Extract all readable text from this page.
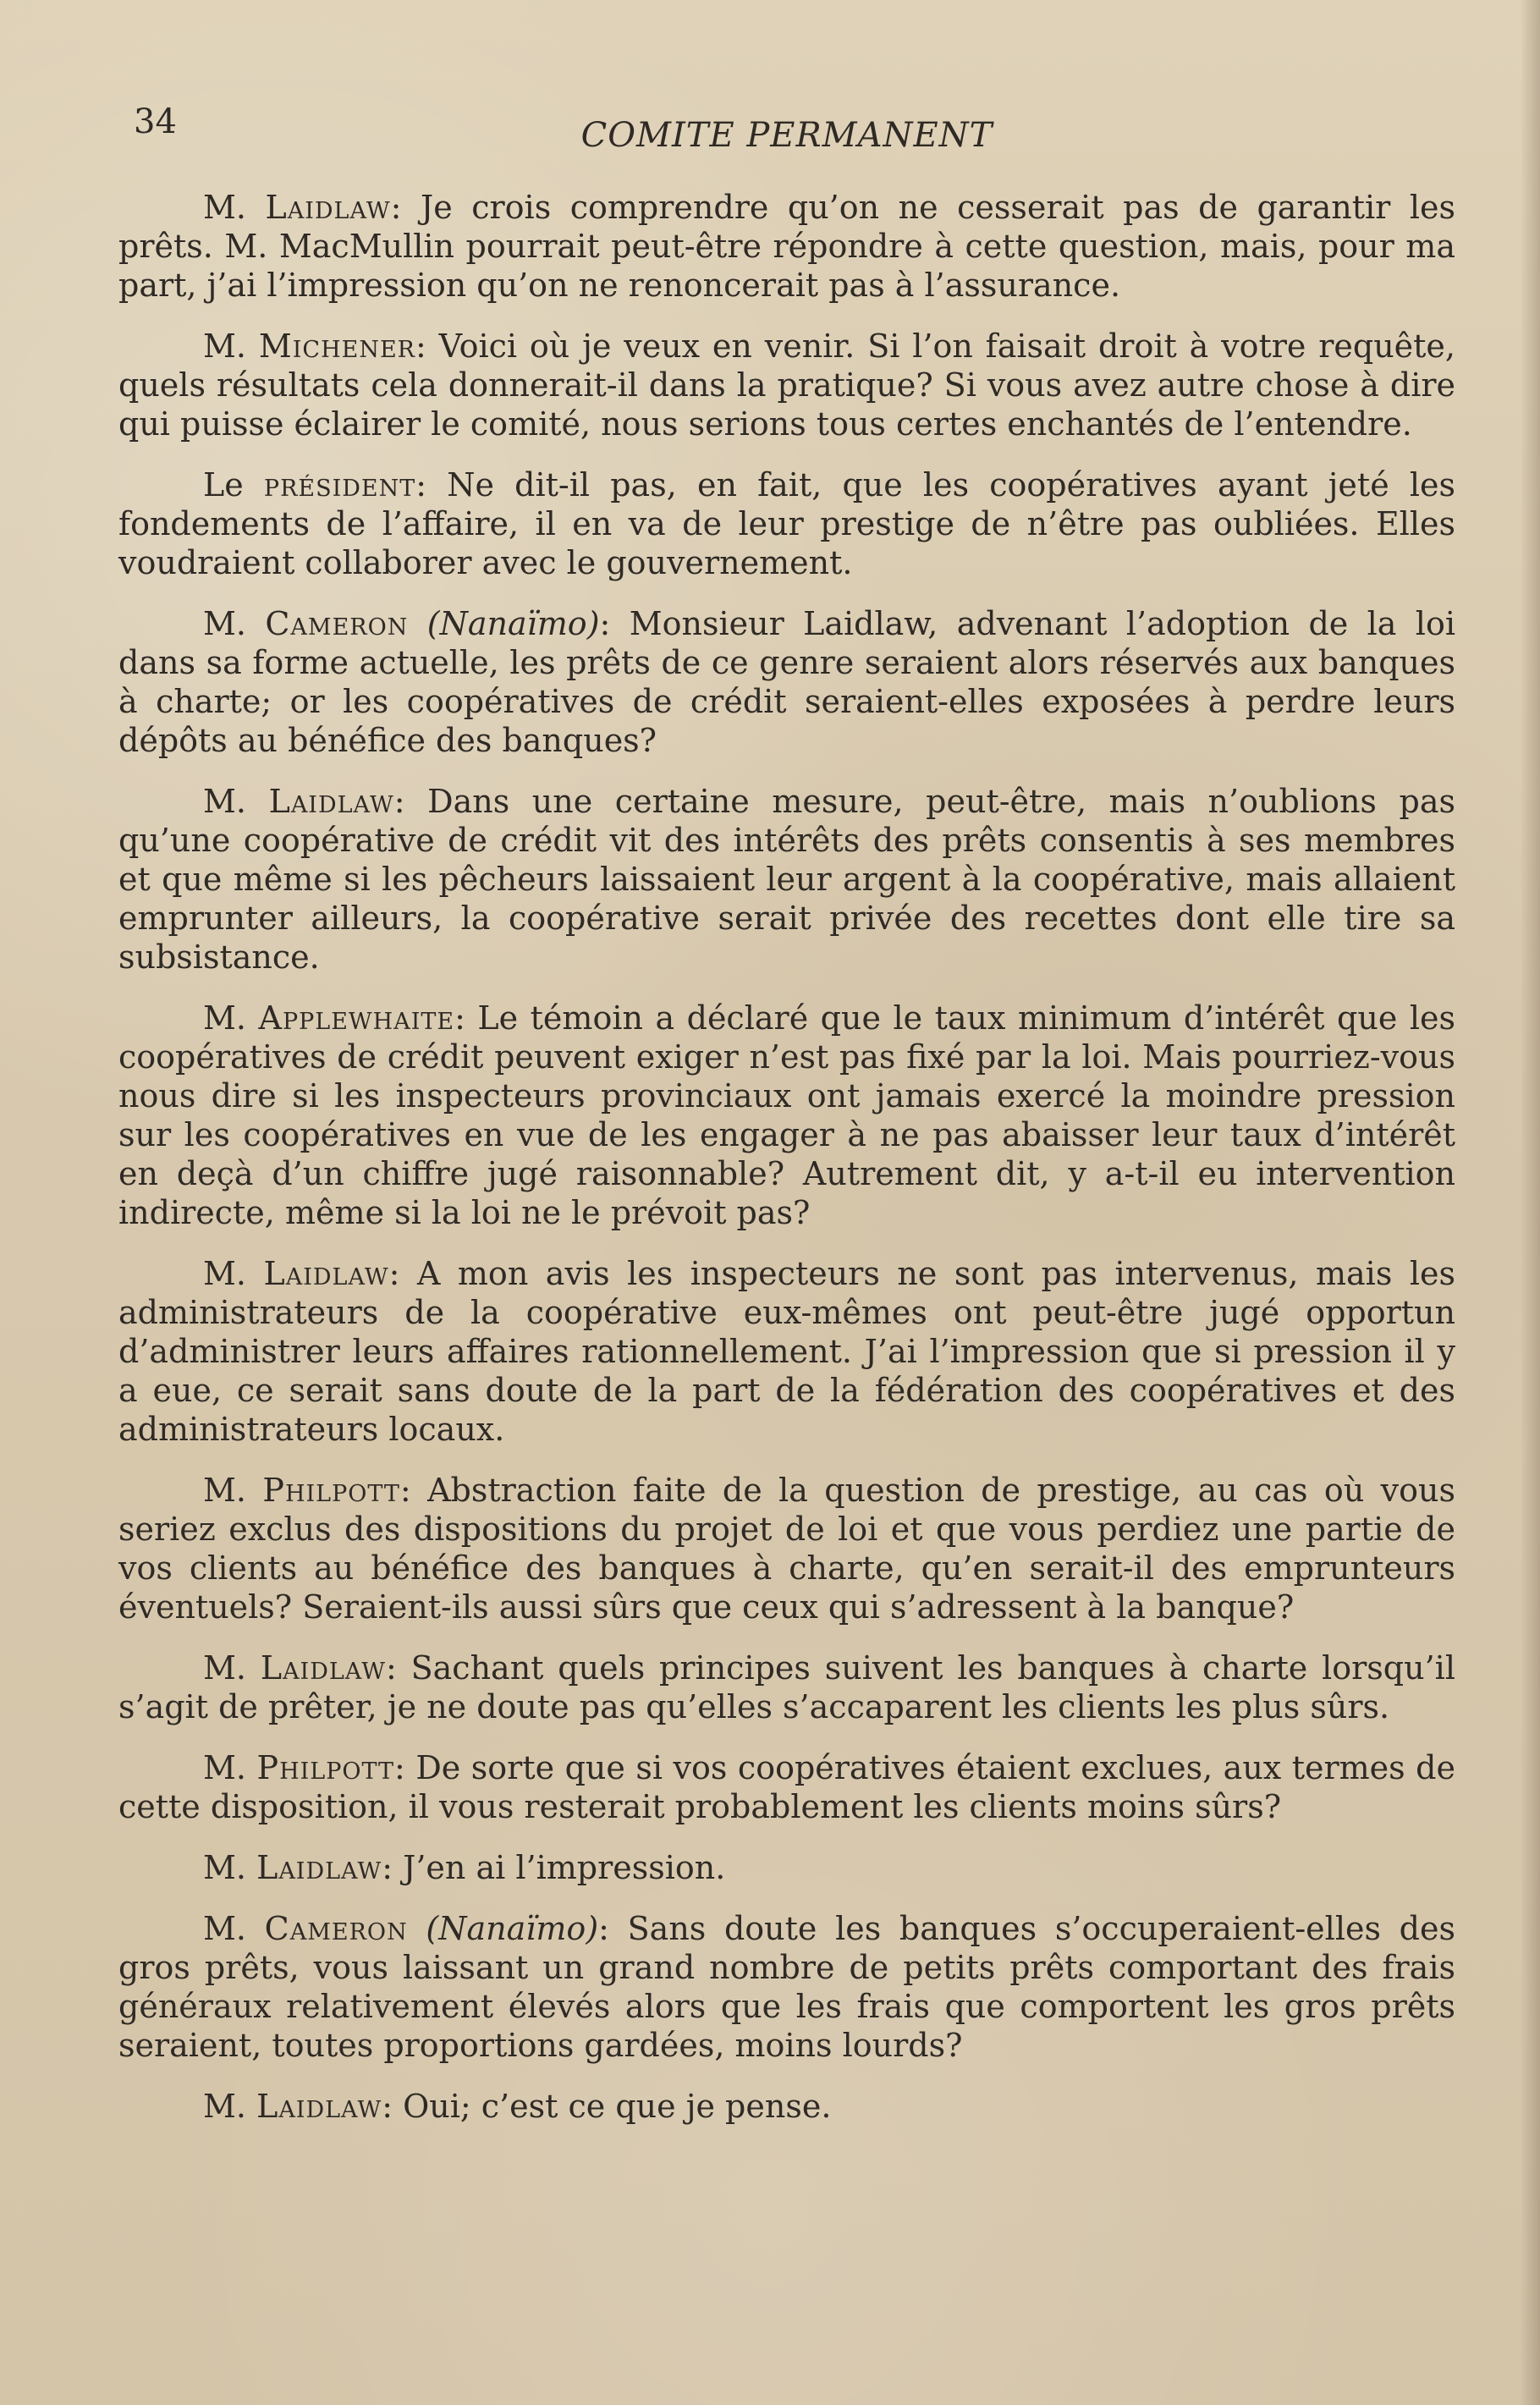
34	COMITE PERMANENT

M. Laidlaw: Je crois comprendre qu’on ne cesserait pas de garantir les prêts. M. MacMullin pourrait peut-être répondre à cette question, mais, pour ma part, j’ai l’impression qu’on ne renoncerait pas à l’assurance.

M. Michener: Voici où je veux en venir. Si l’on faisait droit à votre requête, quels résultats cela donnerait-il dans la pratique? Si vous avez autre chose à dire qui puisse éclairer le comité, nous serions tous certes enchantés de l’entendre.

Le président: Ne dit-il pas, en fait, que les coopératives ayant jeté les fondements de l’affaire, il en va de leur prestige de n’être pas oubliées. Elles voudraient collaborer avec le gouvernement.

M. Cameron (Nanaïmo): Monsieur Laidlaw, advenant l’adoption de la loi dans sa forme actuelle, les prêts de ce genre seraient alors réservés aux banques à charte; or les coopératives de crédit seraient-elles exposées à perdre leurs dépôts au bénéfice des banques?

M. Laidlaw: Dans une certaine mesure, peut-être, mais n’oublions pas qu’une coopérative de crédit vit des intérêts des prêts consentis à ses membres et que même si les pêcheurs laissaient leur argent à la coopérative, mais allaient emprunter ailleurs, la coopérative serait privée des recettes dont elle tire sa subsistance.

M. Applewhaite: Le témoin a déclaré que le taux minimum d’intérêt que les coopératives de crédit peuvent exiger n’est pas fixé par la loi. Mais pourriez-vous nous dire si les inspecteurs provinciaux ont jamais exercé la moindre pression sur les coopératives en vue de les engager à ne pas abaisser leur taux d’intérêt en deçà d’un chiffre jugé raisonnable? Autrement dit, y a-t-il eu intervention indirecte, même si la loi ne le prévoit pas?

M. Laidlaw: A mon avis les inspecteurs ne sont pas intervenus, mais les administrateurs de la coopérative eux-mêmes ont peut-être jugé opportun d’administrer leurs affaires rationnellement. J’ai l’impression que si pression il y a eue, ce serait sans doute de la part de la fédération des coopératives et des administrateurs locaux.

M. Philpott: Abstraction faite de la question de prestige, au cas où vous seriez exclus des dispositions du projet de loi et que vous perdiez une partie de vos clients au bénéfice des banques à charte, qu’en serait-il des emprunteurs éventuels? Seraient-ils aussi sûrs que ceux qui s’adressent à la banque?

M. Laidlaw: Sachant quels principes suivent les banques à charte lorsqu’il s’agit de prêter, je ne doute pas qu’elles s’accaparent les clients les plus sûrs.

M. Philpott: De sorte que si vos coopératives étaient exclues, aux termes de cette disposition, il vous resterait probablement les clients moins sûrs?

M. Laidlaw: J’en ai l’impression.

M. Cameron (Nanaïmo): Sans doute les banques s’occuperaient-elles des gros prêts, vous laissant un grand nombre de petits prêts comportant des frais généraux relativement élevés alors que les frais que comportent les gros prêts seraient, toutes proportions gardées, moins lourds?

M. Laidlaw: Oui; c’est ce que je pense.
